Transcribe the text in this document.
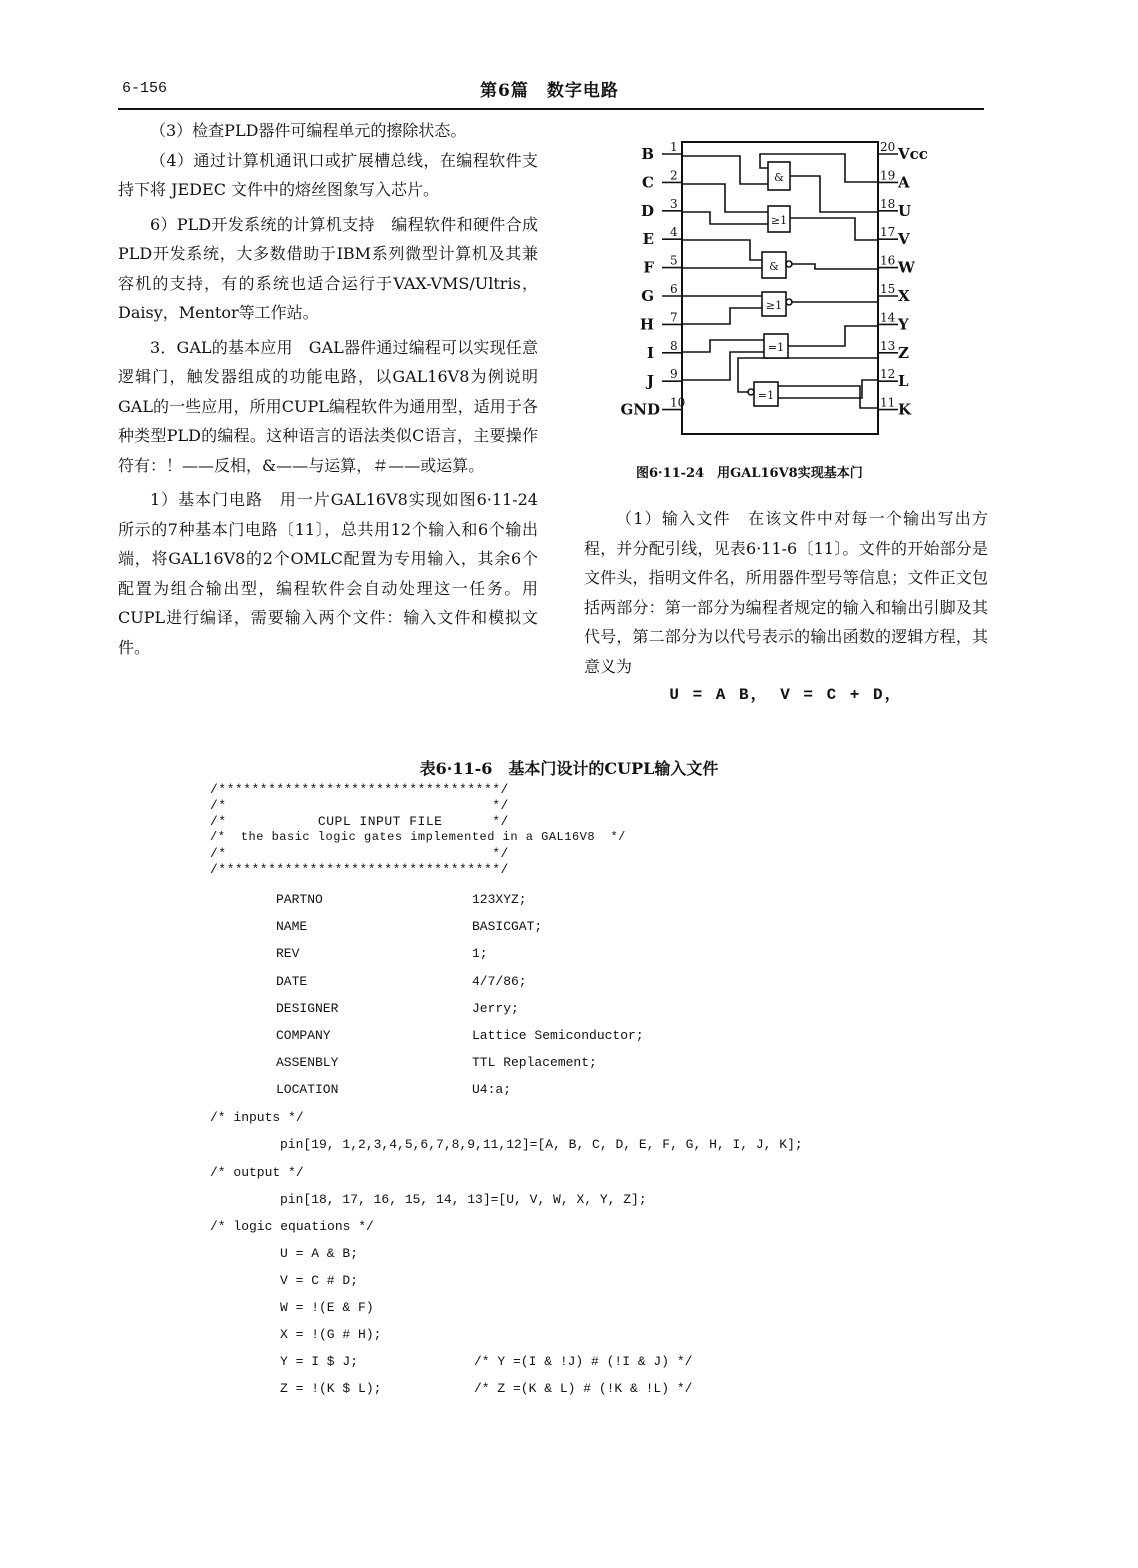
6-156	第6篇　数字电路

（3）检查PLD器件可编程单元的擦除状态。

（4）通过计算机通讯口或扩展槽总线，在编程软件支持下将 JEDEC 文件中的熔丝图象写入芯片。

6）PLD开发系统的计算机支持　编程软件和硬件合成PLD开发系统，大多数借助于IBM系列微型计算机及其兼容机的支持，有的系统也适合运行于VAX-VMS/Ultris，Daisy，Mentor等工作站。

3．GAL的基本应用　GAL器件通过编程可以实现任意逻辑门，触发器组成的功能电路，以GAL16V8为例说明GAL的一些应用，所用CUPL编程软件为通用型，适用于各种类型PLD的编程。这种语言的语法类似C语言，主要操作符有：！——反相，&——与运算，＃——或运算。

1）基本门电路　用一片GAL16V8实现如图6·11-24所示的7种基本门电路〔11〕，总共用12个输入和6个输出端，将GAL16V8的2个OMLC配置为专用输入，其余6个配置为组合输出型，编程软件会自动处理这一任务。用CUPL进行编译，需要输入两个文件：输入文件和模拟文件。

1
B
2
C
3
D
4
E
5
F
6
G
7
H
8
I
9
J
10
GND
20 Vcc
19 A
18 U
17 V
16 W
15 X
14 Y
13 Z
12 L
11 K
&
≥1
&
≥1
=1
=1
图6·11-24　用GAL16V8实现基本门

（1）输入文件　在该文件中对每一个输出写出方程，并分配引线，见表6·11-6〔11〕。文件的开始部分是文件头，指明文件名，所用器件型号等信息；文件正文包括两部分：第一部分为编程者规定的输入和输出引脚及其代号，第二部分为以代号表示的输出函数的逻辑方程，其意义为

U = A B， V = C + D，

表6·11-6　基本门设计的CUPL输入文件
/**********************************/
/*                                */
/*           CUPL INPUT FILE      */
/*  the basic logic gates implemented in a GAL16V8  */
/*                                */
/**********************************/
PARTNO	123XYZ;
NAME	BASICGAT;
REV	1;
DATE	4/7/86;
DESIGNER	Jerry;
COMPANY	Lattice Semiconductor;
ASSENBLY	TTL Replacement;
LOCATION	U4:a;
/* inputs */
pin[19, 1,2,3,4,5,6,7,8,9,11,12]=[A, B, C, D, E, F, G, H, I, J, K];
/* output */
pin[18, 17, 16, 15, 14, 13]=[U, V, W, X, Y, Z];
/* logic equations */
U = A & B;
V = C # D;
W = !(E & F)
X = !(G # H);
Y = I $ J;	/* Y =(I & !J) # (!I & J) */
Z = !(K $ L);	/* Z =(K & L) # (!K & !L) */
